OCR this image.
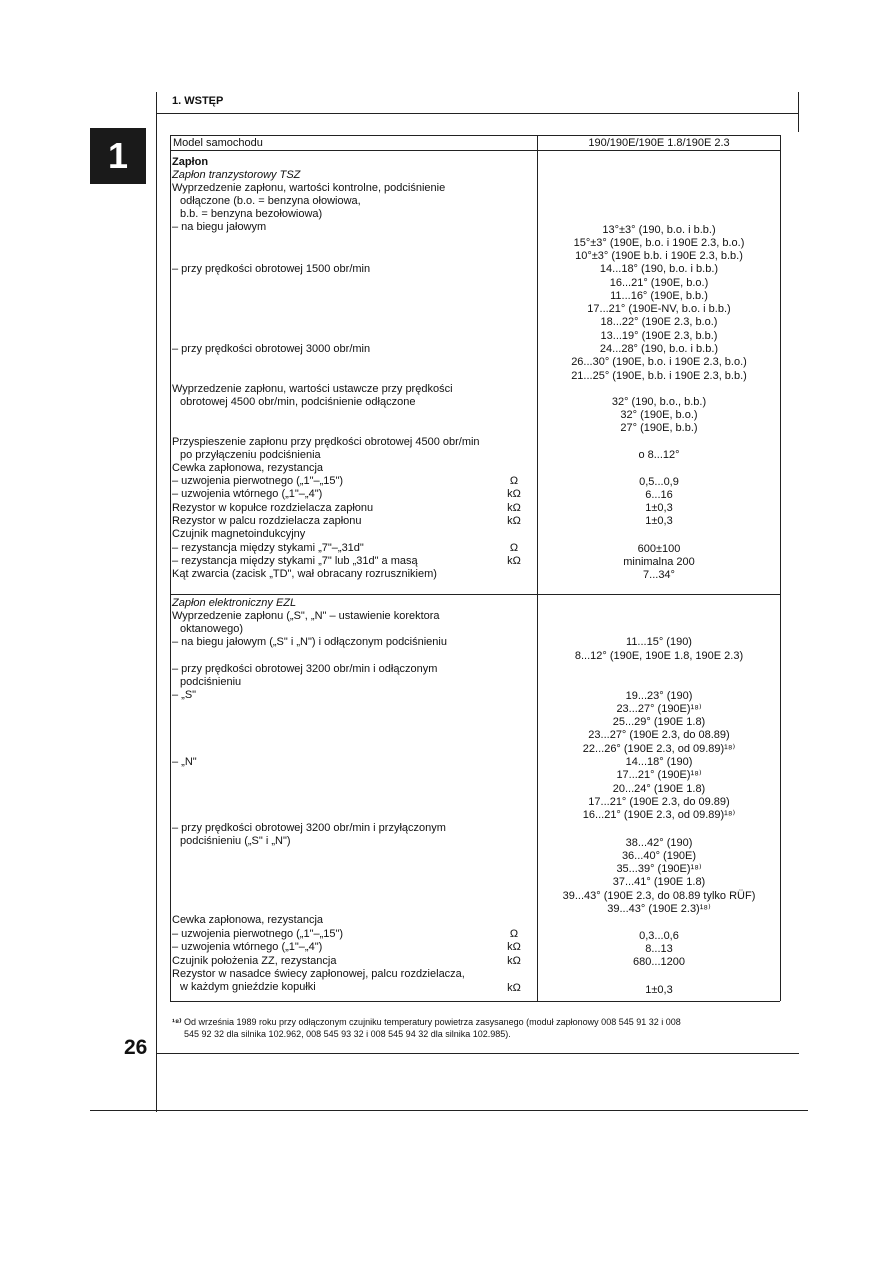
1. WSTĘP
1
26
Model samochodu	190/190E/190E 1.8/190E 2.3
Zapłon
Zapłon tranzystorowy TSZ
Wyprzedzenie zapłonu, wartości kontrolne, podciśnienie
odłączone (b.o. = benzyna ołowiowa,
b.b. = benzyna bezołowiowa)
– na biegu jałowym
– przy prędkości obrotowej 1500 obr/min
– przy prędkości obrotowej 3000 obr/min
Wyprzedzenie zapłonu, wartości ustawcze przy prędkości
obrotowej 4500 obr/min, podciśnienie odłączone
Przyspieszenie zapłonu przy prędkości obrotowej 4500 obr/min
po przyłączeniu podciśnienia
Cewka zapłonowa, rezystancja
– uzwojenia pierwotnego („1"–„15")
– uzwojenia wtórnego („1"–„4")
Rezystor w kopułce rozdzielacza zapłonu
Rezystor w palcu rozdzielacza zapłonu
Czujnik magnetoindukcyjny
– rezystancja między stykami „7"–„31d"
– rezystancja między stykami „7" lub „31d" a masą
Kąt zwarcia (zacisk „TD", wał obracany rozrusznikiem)
Ω
kΩ
kΩ
kΩ
Ω
kΩ
13°±3° (190, b.o. i b.b.)
15°±3° (190E, b.o. i 190E 2.3, b.o.)
10°±3° (190E b.b. i 190E 2.3, b.b.)
14...18° (190, b.o. i b.b.)
16...21° (190E, b.o.)
11...16° (190E, b.b.)
17...21° (190E-NV, b.o. i b.b.)
18...22° (190E 2.3, b.o.)
13...19° (190E 2.3, b.b.)
24...28° (190, b.o. i b.b.)
26...30° (190E, b.o. i 190E 2.3, b.o.)
21...25° (190E, b.b. i 190E 2.3, b.b.)
32° (190, b.o., b.b.)
32° (190E, b.o.)
27° (190E, b.b.)
o 8...12°
0,5...0,9
6...16
1±0,3
1±0,3
600±100
minimalna 200
7...34°
Zapłon elektroniczny EZL
Wyprzedzenie zapłonu („S", „N" – ustawienie korektora
oktanowego)
– na biegu jałowym („S" i „N") i odłączonym podciśnieniu
– przy prędkości obrotowej 3200 obr/min i odłączonym
podciśnieniu
– „S"
– „N"
– przy prędkości obrotowej 3200 obr/min i przyłączonym
podciśnieniu („S" i „N")
Cewka zapłonowa, rezystancja
– uzwojenia pierwotnego („1"–„15")
– uzwojenia wtórnego („1"–„4")
Czujnik położenia ZZ, rezystancja
Rezystor w nasadce świecy zapłonowej, palcu rozdzielacza,
w każdym gnieździe kopułki
Ω
kΩ
kΩ
kΩ
11...15° (190)
8...12° (190E, 190E 1.8, 190E 2.3)
19...23° (190)
23...27° (190E)¹⁸⁾
25...29° (190E 1.8)
23...27° (190E 2.3, do 08.89)
22...26° (190E 2.3, od 09.89)¹⁸⁾
14...18° (190)
17...21° (190E)¹⁸⁾
20...24° (190E 1.8)
17...21° (190E 2.3, do 09.89)
16...21° (190E 2.3, od 09.89)¹⁸⁾
38...42° (190)
36...40° (190E)
35...39° (190E)¹⁸⁾
37...41° (190E 1.8)
39...43° (190E 2.3, do 08.89 tylko RÜF)
39...43° (190E 2.3)¹⁸⁾
0,3...0,6
8...13
680...1200
1±0,3
¹⁸⁾ Od września 1989 roku przy odłączonym czujniku temperatury powietrza zasysanego (moduł zapłonowy 008 545 91 32 i 008
545 92 32 dla silnika 102.962, 008 545 93 32 i 008 545 94 32 dla silnika 102.985).
